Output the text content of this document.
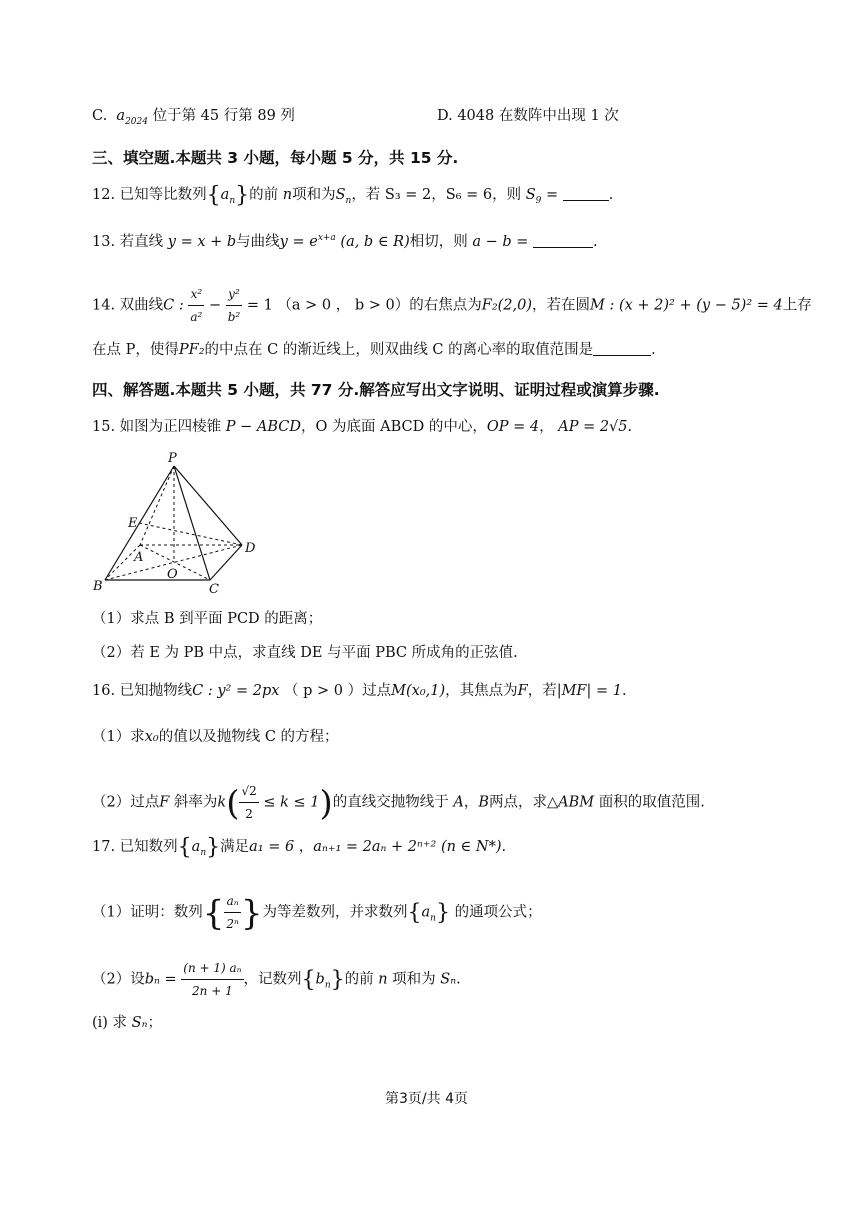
C. $a_{2024}$ 位于第 45 行第 89 列	D. 4048 在数阵中出现 1 次
三、填空题.本题共 3 小题，每小题 5 分，共 15 分.
12. 已知等比数列$\{a_n\}$的前 n项和为$S_n$，若 S₃ = 2，S₆ = 6，则 $S_9$ =	.
13. 若直线 y = x + b与曲线$y = e^{x+a}$ (a, b ∈ R)相切，则 a − b =	.
14. 双曲线C : $\frac{\text{x²}}{\text{a²}} - \frac{\text{y²}}{\text{b²}} = 1$ （a > 0 ， b > 0）的右焦点为F₂(2,0)，若在圆M : (x + 2)² + (y − 5)² = 4上存
在点 P，使得PF₂的中点在 C 的渐近线上，则双曲线 C 的离心率的取值范围是	.
四、解答题.本题共 5 小题，共 77 分.解答应写出文字说明、证明过程或演算步骤.
15. 如图为正四棱锥 P − ABCD，O 为底面 ABCD 的中心，OP = 4， AP = 2√5.
P
E
A
D
B
O
C
（1）求点 B 到平面 PCD 的距离；
（2）若 E 为 PB 中点，求直线 DE 与平面 PBC 所成角的正弦值.
16. 已知抛物线C : y² = 2px （ p > 0 ）过点M(x₀,1)，其焦点为F，若|MF| = 1.
（1）求x₀的值以及抛物线 C 的方程；
（2）过点F 斜率为$k( \frac{√2}{2} \le k \le 1)$的直线交抛物线于 A，B两点，求△ABM 面积的取值范围.
17. 已知数列$\{a_n\}$满足a₁ = 6 ，aₙ₊₁ = 2aₙ + 2ⁿ⁺² (n ∈ N*).
（1）证明：数列{ $\frac{\text{aₙ}}{\text{2ⁿ}}$ }为等差数列，并求数列$\{a_n\}$ 的通项公式；
（2）设$b_n = \frac{\text{(n + 1) aₙ}}{2n + 1}$ ，记数列$\{b_n\}$的前 n 项和为 Sₙ.
(i) 求 Sₙ；
第3页/共 4页
